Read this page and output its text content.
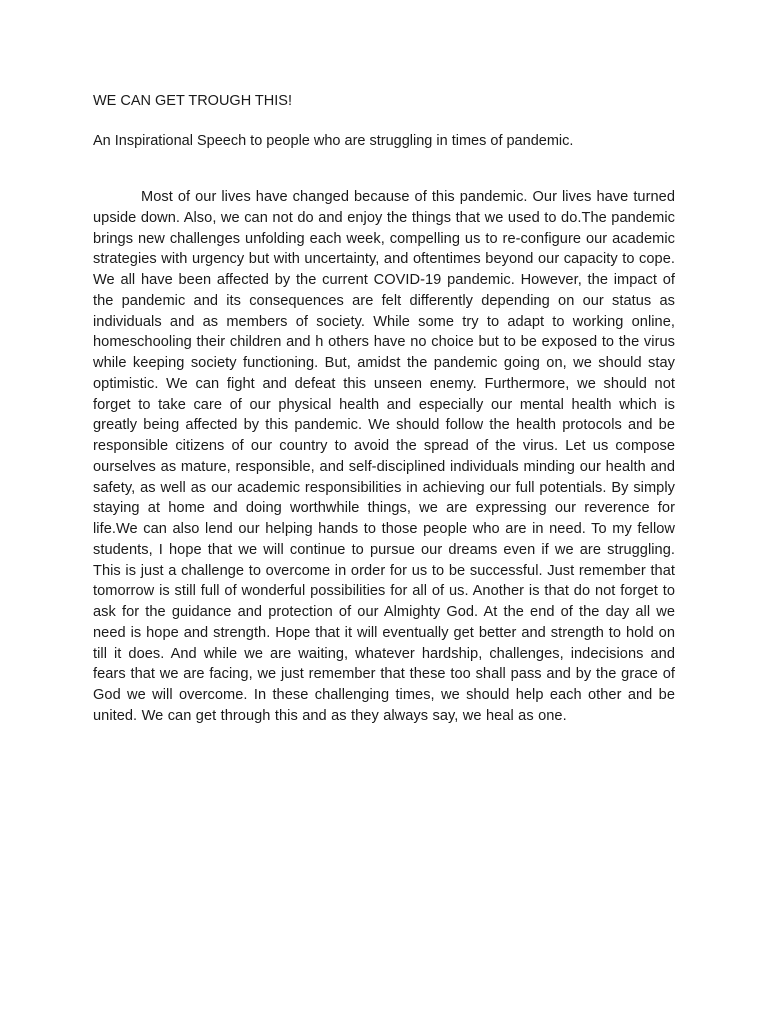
WE CAN GET TROUGH THIS!

An Inspirational Speech to people who are struggling in times of pandemic.

Most of our lives have changed because of this pandemic. Our lives have turned upside down. Also, we can not do and enjoy the things that we used to do.The pandemic brings new challenges unfolding each week, compelling us to re-configure our academic strategies with urgency but with uncertainty, and oftentimes beyond our capacity to cope. We all have been affected by the current COVID-19 pandemic. However, the impact of the pandemic and its consequences are felt differently depending on our status as individuals and as members of society. While some try to adapt to working online, homeschooling their children and h others have no choice but to be exposed to the virus while keeping society functioning. But, amidst the pandemic going on, we should stay optimistic. We can fight and defeat this unseen enemy. Furthermore, we should not forget to take care of our physical health and especially our mental health which is greatly being affected by this pandemic. We should follow the health protocols and be responsible citizens of our country to avoid the spread of the virus. Let us compose ourselves as mature, responsible, and self-disciplined individuals minding our health and safety, as well as our academic responsibilities in achieving our full potentials. By simply staying at home and doing worthwhile things, we are expressing our reverence for life.We can also lend our helping hands to those people who are in need. To my fellow students, I hope that we will continue to pursue our dreams even if we are struggling. This is just a challenge to overcome in order for us to be successful. Just remember that tomorrow is still full of wonderful possibilities for all of us. Another is that do not forget to ask for the guidance and protection of our Almighty God. At the end of the day all we need is hope and strength. Hope that it will eventually get better and strength to hold on till it does. And while we are waiting, whatever hardship, challenges, indecisions and fears that we are facing, we just remember that these too shall pass and by the grace of God we will overcome. In these challenging times, we should help each other and be united. We can get through this and as they always say, we heal as one.
